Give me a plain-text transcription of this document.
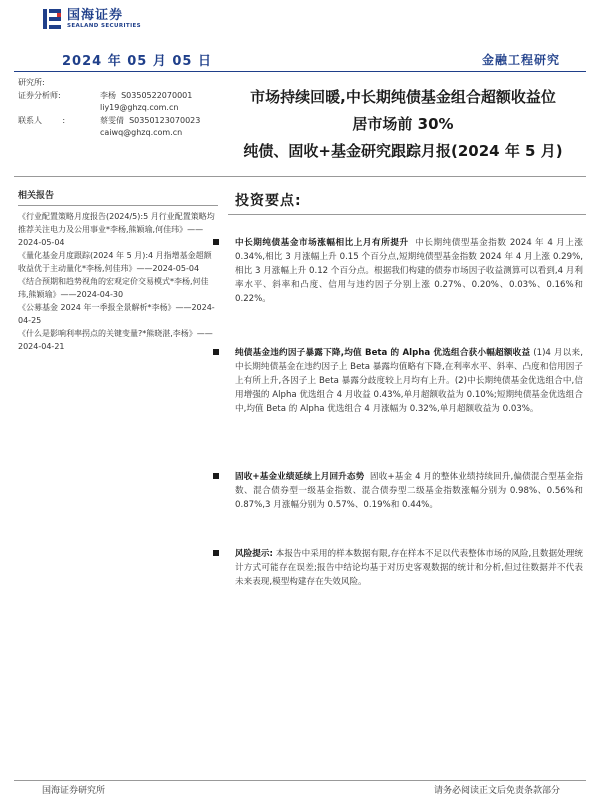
国海证券
SEALAND SECURITIES
2024 年 05 月 05 日	金融工程研究
研究所:
证券分析师:	李杨 S0350522070001
liy19@ghzq.com.cn
联系人	:	蔡雯倩 S0350123070023
caiwq@ghzq.com.cn
市场持续回暖,中长期纯债基金组合超额收益位
居市场前 30%
纯债、固收+基金研究跟踪月报(2024 年 5 月)
相关报告

《行业配置策略月度报告(2024/5):5 月行业配置策略均推荐关注电力及公用事业*李杨,熊颖瑜,何佳玮》——2024-05-04

《量化基金月度跟踪(2024 年 5 月):4 月指增基金超额收益优于主动量化*李杨,何佳玮》——2024-05-04

《结合预期和趋势视角的宏观定价交易模式*李杨,何佳玮,熊颖瑜》——2024-04-30

《公募基金 2024 年一季报全景解析*李杨》——2024-04-25

《什么是影响利率拐点的关键变量?*熊晓湛,李杨》——2024-04-21

投资要点:

中长期纯债基金市场涨幅相比上月有所提升 中长期纯债型基金指数 2024 年 4 月上涨 0.34%,相比 3 月涨幅上升 0.15 个百分点,短期纯债型基金指数 2024 年 4 月上涨 0.29%,相比 3 月涨幅上升 0.12 个百分点。根据我们构建的债券市场因子收益测算可以看到,4 月利率水平、斜率和凸度、信用与违约因子分别上涨 0.27%、0.20%、0.03%、0.16%和 0.22%。

纯债基金违约因子暴露下降,均值 Beta 的 Alpha 优选组合获小幅超额收益 (1)4 月以来,中长期纯债基金在违约因子上 Beta 暴露均值略有下降,在利率水平、斜率、凸度和信用因子上有所上升,各因子上 Beta 暴露分歧度较上月均有上升。(2)中长期纯债基金优选组合中,信用增强的 Alpha 优选组合 4 月收益 0.43%,单月超额收益为 0.10%;短期纯债基金优选组合中,均值 Beta 的 Alpha 优选组合 4 月涨幅为 0.32%,单月超额收益为 0.03%。

固收+基金业绩延续上月回升态势 固收+基金 4 月的整体业绩持续回升,偏债混合型基金指数、混合债券型一级基金指数、混合债券型二级基金指数涨幅分别为 0.98%、0.56%和 0.87%,3 月涨幅分别为 0.57%、0.19%和 0.44%。

风险提示: 本报告中采用的样本数据有限,存在样本不足以代表整体市场的风险,且数据处理统计方式可能存在误差;报告中结论均基于对历史客观数据的统计和分析,但过往数据并不代表未来表现,模型构建存在失效风险。

国海证券研究所	请务必阅读正文后免责条款部分
